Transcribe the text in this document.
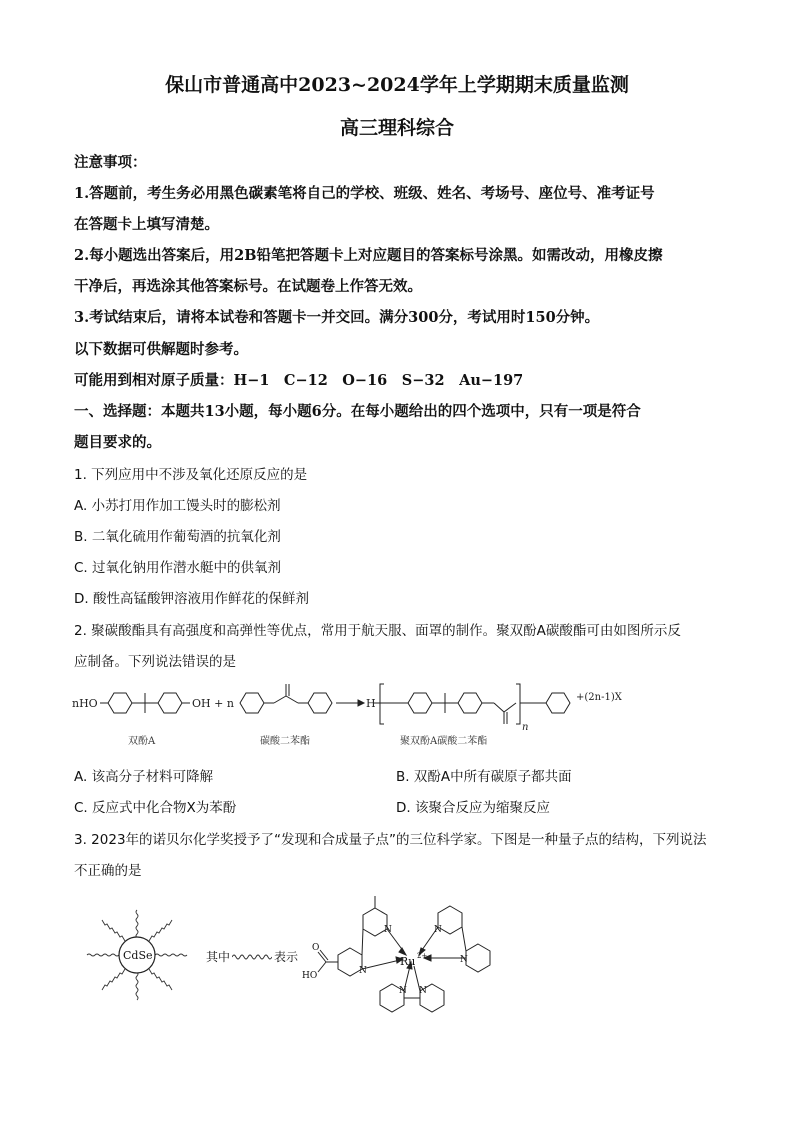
保山市普通高中2023~2024学年上学期期末质量监测
高三理科综合
注意事项：
1.答题前，考生务必用黑色碳素笔将自己的学校、班级、姓名、考场号、座位号、准考证号
在答题卡上填写清楚。
2.每小题选出答案后，用2B铅笔把答题卡上对应题目的答案标号涂黑。如需改动，用橡皮擦
干净后，再选涂其他答案标号。在试题卷上作答无效。
3.考试结束后，请将本试卷和答题卡一并交回。满分300分，考试用时150分钟。
以下数据可供解题时参考。
可能用到相对原子质量：H−1　C−12　O−16　S−32　Au−197
一、选择题：本题共13小题，每小题6分。在每小题给出的四个选项中，只有一项是符合
题目要求的。
1. 下列应用中不涉及氧化还原反应的是
A. 小苏打用作加工馒头时的膨松剂
B. 二氧化硫用作葡萄酒的抗氧化剂
C. 过氧化钠用作潜水艇中的供氧剂
D. 酸性高锰酸钾溶液用作鲜花的保鲜剂
2. 聚碳酸酯具有高强度和高弹性等优点，常用于航天服、面罩的制作。聚双酚A碳酸酯可由如图所示反
应制备。下列说法错误的是
nHO	OH + n	H
n
+(2n-1)X
双酚A	碳酸二苯酯	聚双酚A碳酸二苯酯
A. 该高分子材料可降解	B. 双酚A中所有碳原子都共面
C. 反应式中化合物X为苯酚	D. 该聚合反应为缩聚反应
3. 2023年的诺贝尔化学奖授予了“发现和合成量子点”的三位科学家。下图是一种量子点的结构，下列说法
不正确的是
CdSe	其中	表示	Ru 2+
O
HO
N
N
N
N
N N
